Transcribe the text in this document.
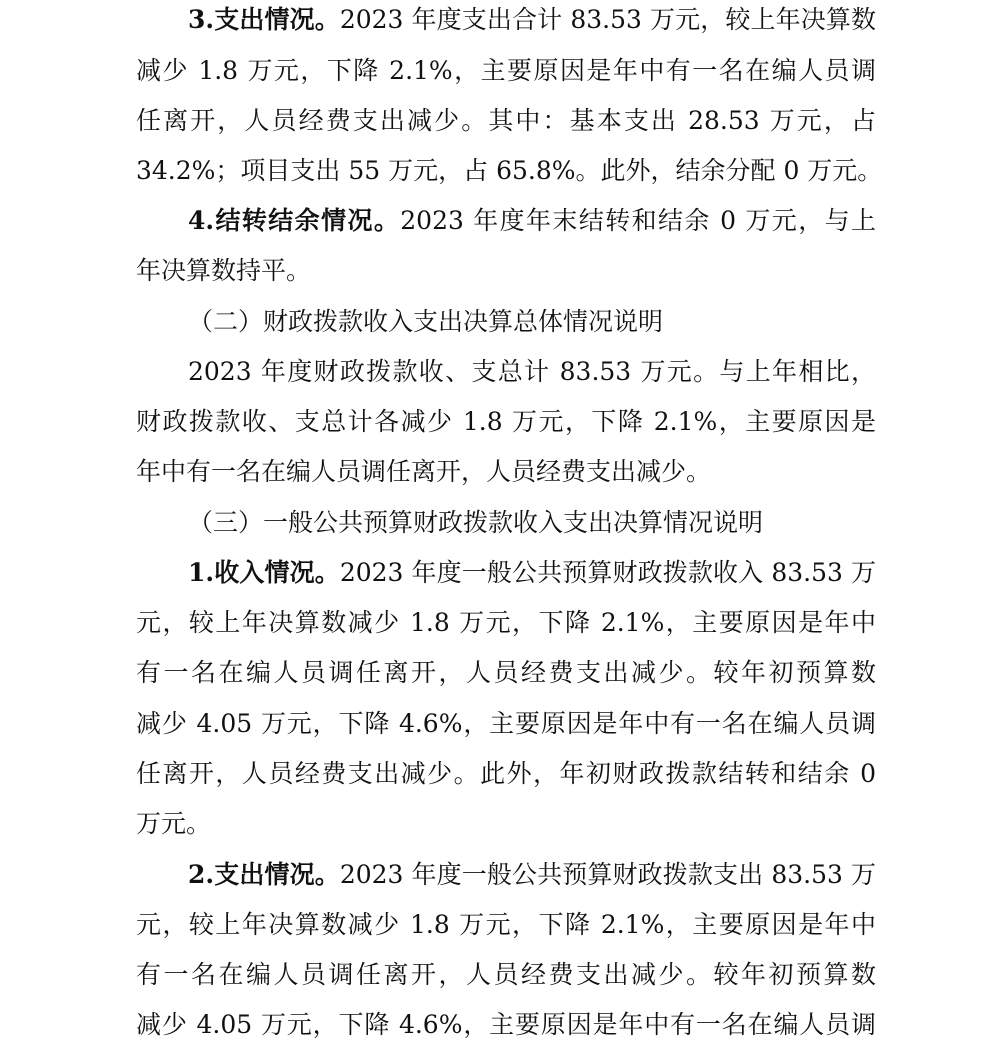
3.支出情况。2023 年度支出合计 83.53 万元，较上年决算数
减少 1.8 万元，下降 2.1%，主要原因是年中有一名在编人员调
任离开，人员经费支出减少。其中：基本支出 28.53 万元，占
34.2%；项目支出 55 万元，占 65.8%。此外，结余分配 0 万元。
4.结转结余情况。2023 年度年末结转和结余 0 万元，与上
年决算数持平。
（二）财政拨款收入支出决算总体情况说明
2023 年度财政拨款收、支总计 83.53 万元。与上年相比，
财政拨款收、支总计各减少 1.8 万元，下降 2.1%，主要原因是
年中有一名在编人员调任离开，人员经费支出减少。
（三）一般公共预算财政拨款收入支出决算情况说明
1.收入情况。2023 年度一般公共预算财政拨款收入 83.53 万
元，较上年决算数减少 1.8 万元，下降 2.1%，主要原因是年中
有一名在编人员调任离开，人员经费支出减少。较年初预算数
减少 4.05 万元，下降 4.6%，主要原因是年中有一名在编人员调
任离开，人员经费支出减少。此外，年初财政拨款结转和结余 0
万元。
2.支出情况。2023 年度一般公共预算财政拨款支出 83.53 万
元，较上年决算数减少 1.8 万元，下降 2.1%，主要原因是年中
有一名在编人员调任离开，人员经费支出减少。较年初预算数
减少 4.05 万元，下降 4.6%，主要原因是年中有一名在编人员调
